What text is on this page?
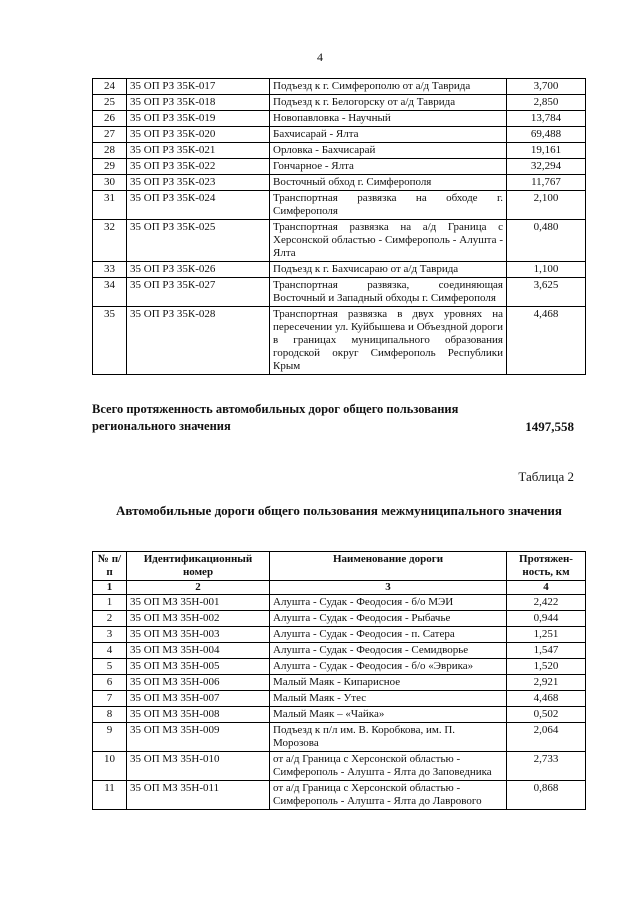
4
24	35 ОП РЗ 35К-017	Подъезд к г. Симферополю от а/д Таврида	3,700
25	35 ОП РЗ 35К-018	Подъезд к г. Белогорску от а/д Таврида	2,850
26	35 ОП РЗ 35К-019	Новопавловка - Научный	13,784
27	35 ОП РЗ 35К-020	Бахчисарай - Ялта	69,488
28	35 ОП РЗ 35К-021	Орловка - Бахчисарай	19,161
29	35 ОП РЗ 35К-022	Гончарное - Ялта	32,294
30	35 ОП РЗ 35К-023	Восточный обход г. Симферополя	11,767
31	35 ОП РЗ 35К-024	Транспортная развязка на обходе г. Симферополя	2,100
32	35 ОП РЗ 35К-025	Транспортная развязка на а/д Граница с Херсонской областью - Симферополь - Алушта - Ялта	0,480
33	35 ОП РЗ 35К-026	Подъезд к г. Бахчисараю от а/д Таврида	1,100
34	35 ОП РЗ 35К-027	Транспортная развязка, соединяющая Восточный и Западный обходы г. Симферополя	3,625
35	35 ОП РЗ 35К-028	Транспортная развязка в двух уровнях на пересечении ул. Куйбышева и Объездной дороги в границах муниципального образования городской округ Симферополь Республики Крым	4,468
Всего протяженность автомобильных дорог общего пользования регионального значения	1497,558
Таблица 2
Автомобильные дороги общего пользования межмуниципального значения
№ п/п	Идентификационный номер	Наименование дороги	Протяжен-ность, км
1	2	3	4
1	35 ОП МЗ 35Н-001	Алушта - Судак - Феодосия - б/о МЭИ	2,422
2	35 ОП МЗ 35Н-002	Алушта - Судак - Феодосия - Рыбачье	0,944
3	35 ОП МЗ 35Н-003	Алушта - Судак - Феодосия - п. Сатера	1,251
4	35 ОП МЗ 35Н-004	Алушта - Судак - Феодосия - Семидворье	1,547
5	35 ОП МЗ 35Н-005	Алушта - Судак - Феодосия - б/о «Эврика»	1,520
6	35 ОП МЗ 35Н-006	Малый Маяк - Кипарисное	2,921
7	35 ОП МЗ 35Н-007	Малый Маяк - Утес	4,468
8	35 ОП МЗ 35Н-008	Малый Маяк – «Чайка»	0,502
9	35 ОП МЗ 35Н-009	Подъезд к п/л им. В. Коробкова, им. П. Морозова	2,064
10	35 ОП МЗ 35Н-010	от а/д Граница с Херсонской областью - Симферополь - Алушта - Ялта до Заповедника	2,733
11	35 ОП МЗ 35Н-011	от а/д Граница с Херсонской областью - Симферополь - Алушта - Ялта до Лаврового	0,868
